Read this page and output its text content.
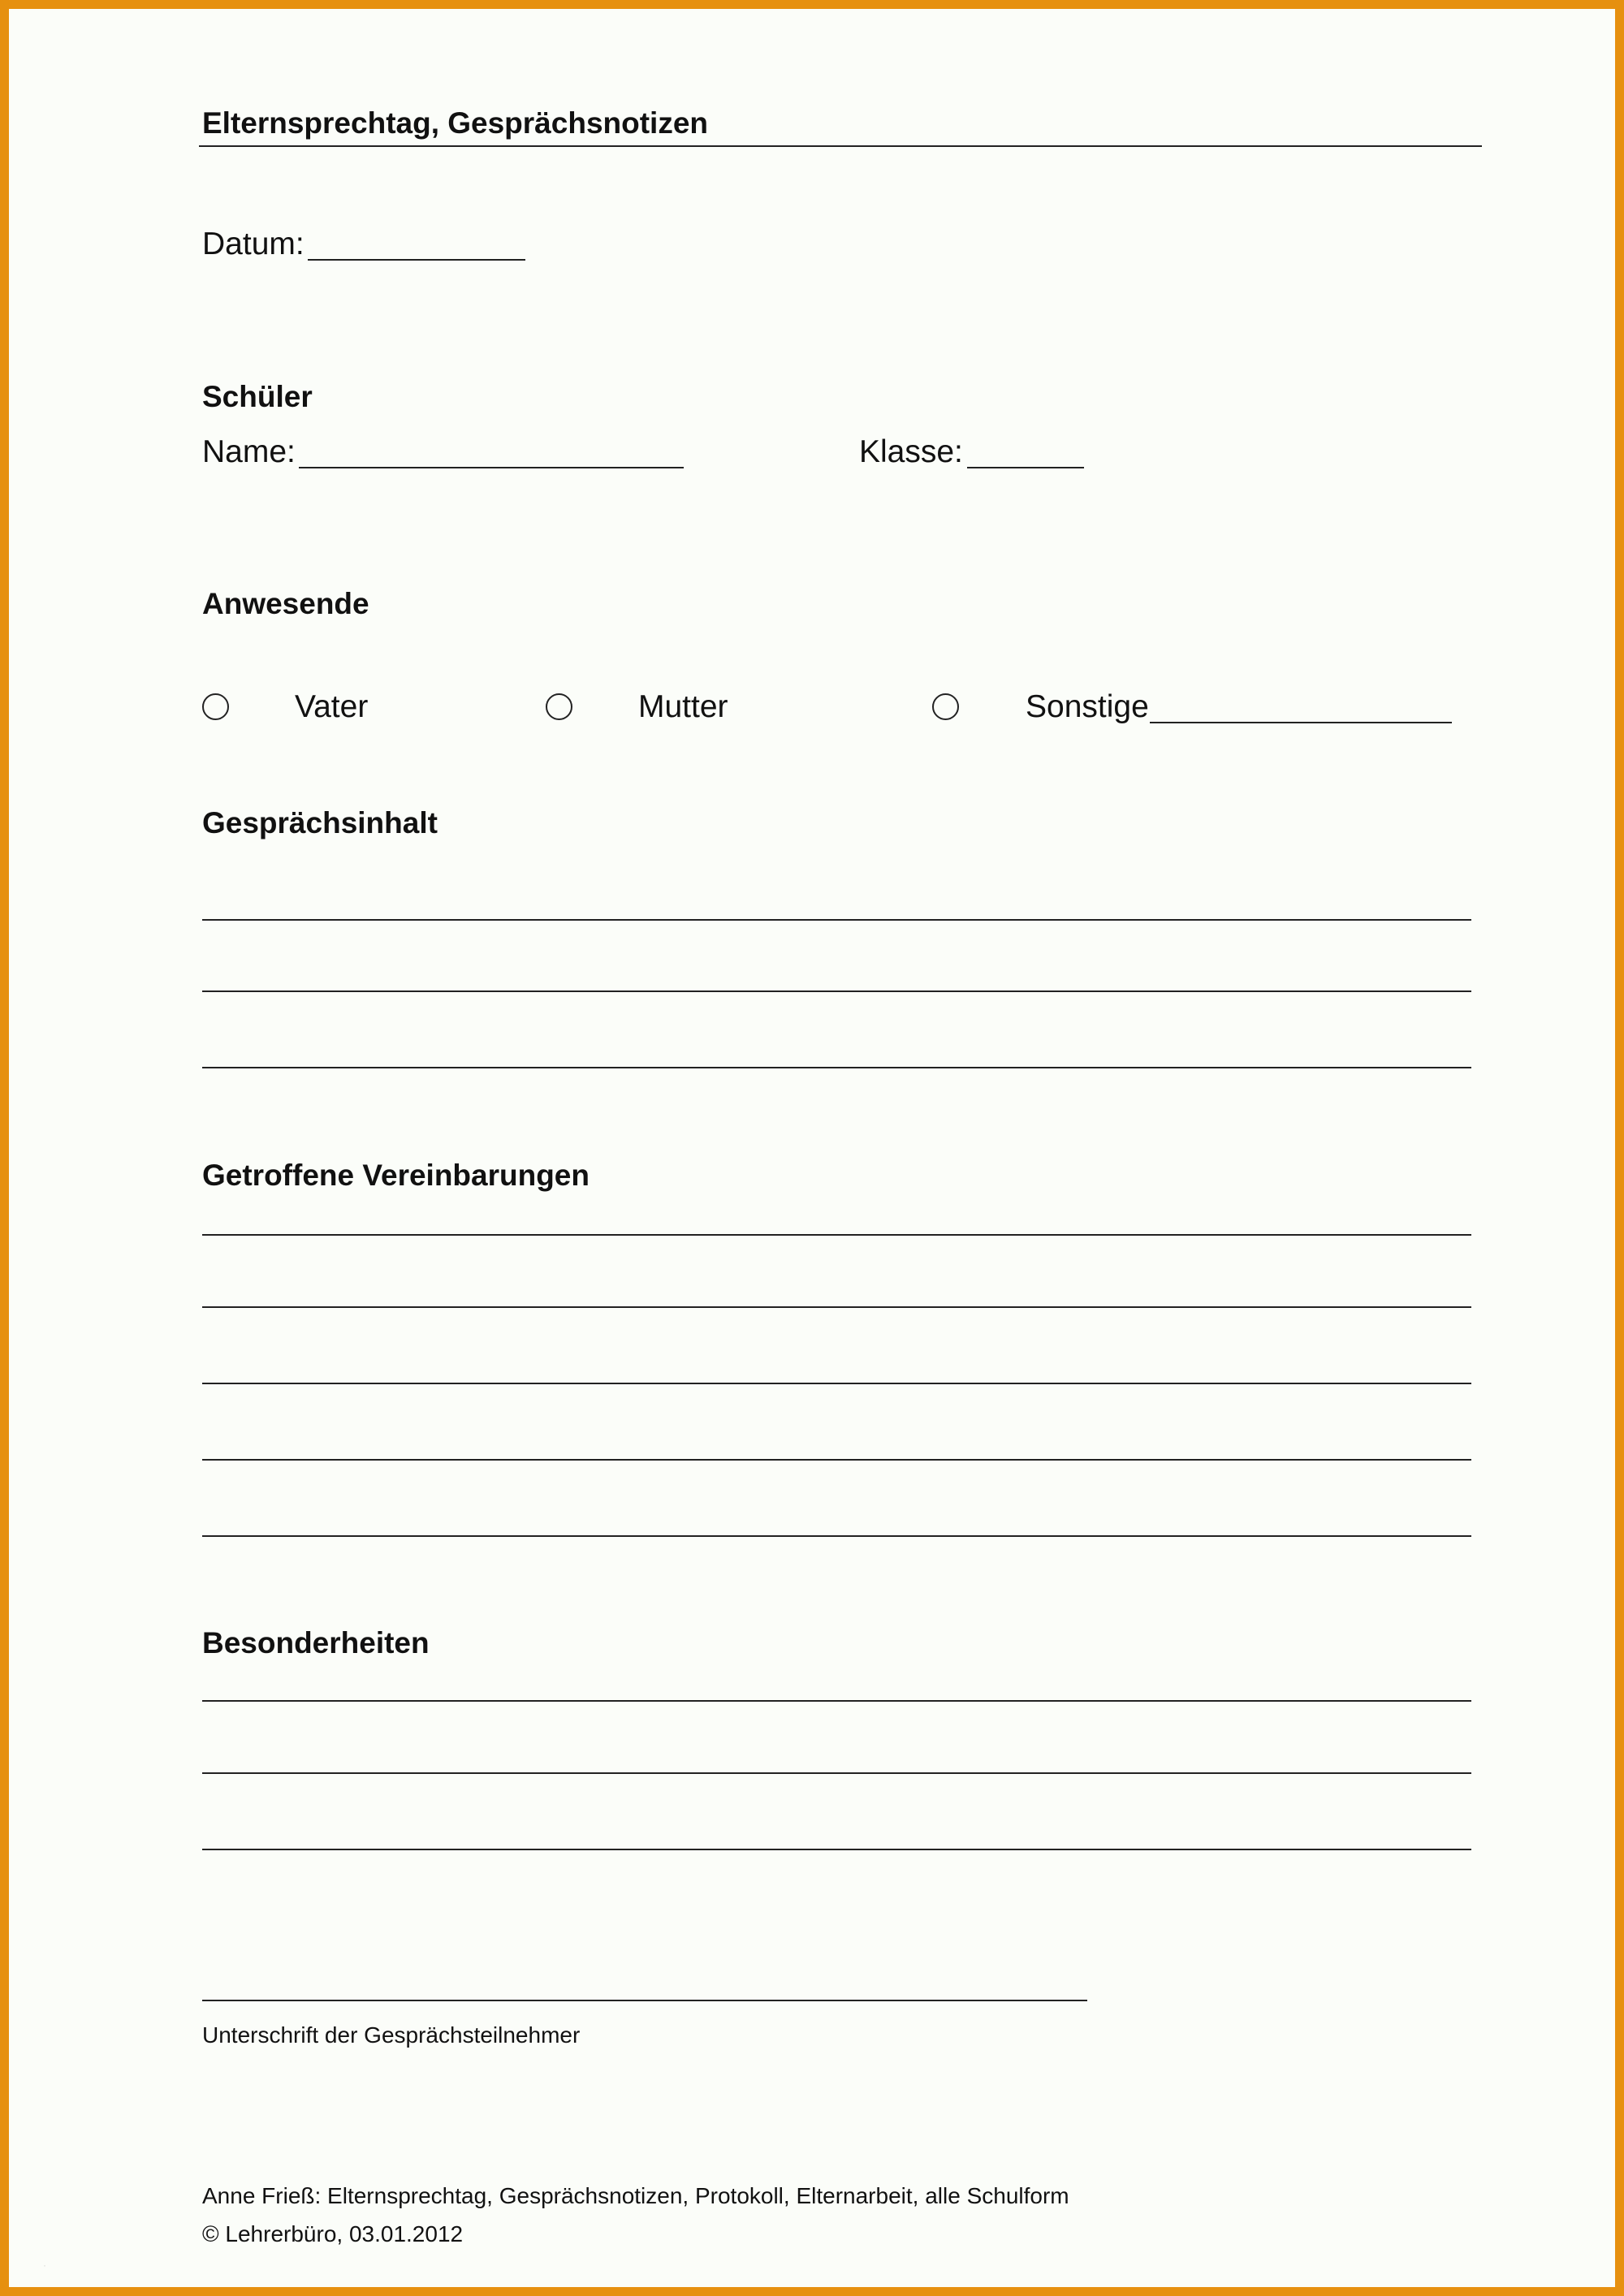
Elternsprechtag, Gesprächsnotizen
Datum:
Schüler
Name:	Klasse:
Anwesende
Vater	Mutter	Sonstige
Gesprächsinhalt
Getroffene Vereinbarungen
Besonderheiten
Unterschrift der Gesprächsteilnehmer
Anne Frieß: Elternsprechtag, Gesprächsnotizen, Protokoll, Elternarbeit, alle Schulform
© Lehrerbüro, 03.01.2012
·
